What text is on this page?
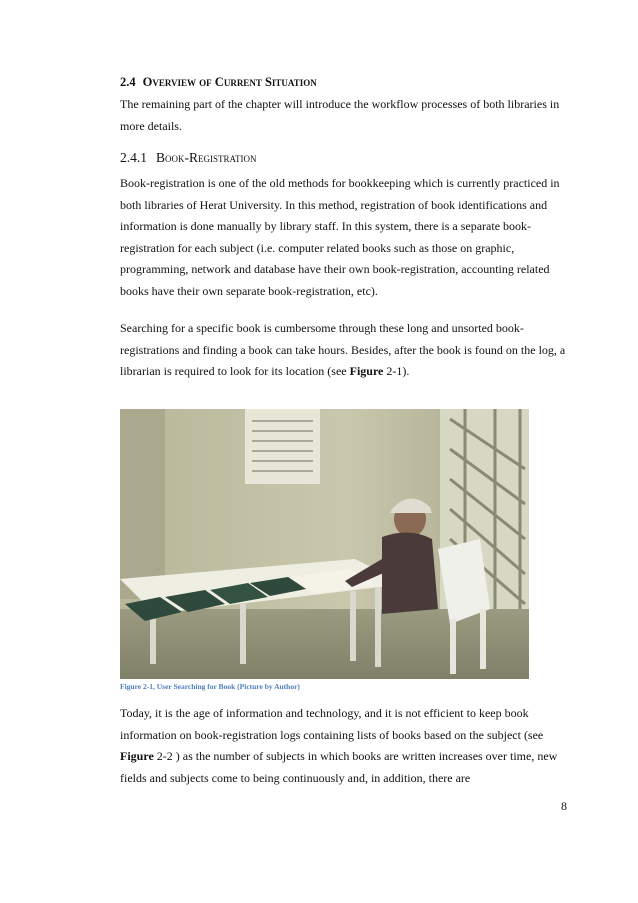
2.4 Overview of Current Situation

The remaining part of the chapter will introduce the workflow processes of both libraries in more details.

2.4.1 Book-Registration

Book-registration is one of the old methods for bookkeeping which is currently practiced in both libraries of Herat University. In this method, registration of book identifications and information is done manually by library staff. In this system, there is a separate book-registration for each subject (i.e. computer related books such as those on graphic, programming, network and database have their own book-registration, accounting related books have their own separate book-registration, etc).

Searching for a specific book is cumbersome through these long and unsorted book-registrations and finding a book can take hours. Besides, after the book is found on the log, a librarian is required to look for its location (see Figure 2-1).

Figure 2-1, User Searching for Book (Picture by Author)

Today, it is the age of information and technology, and it is not efficient to keep book information on book-registration logs containing lists of books based on the subject (see Figure 2-2 ) as the number of subjects in which books are written increases over time, new fields and subjects come to being continuously and, in addition, there are

8
